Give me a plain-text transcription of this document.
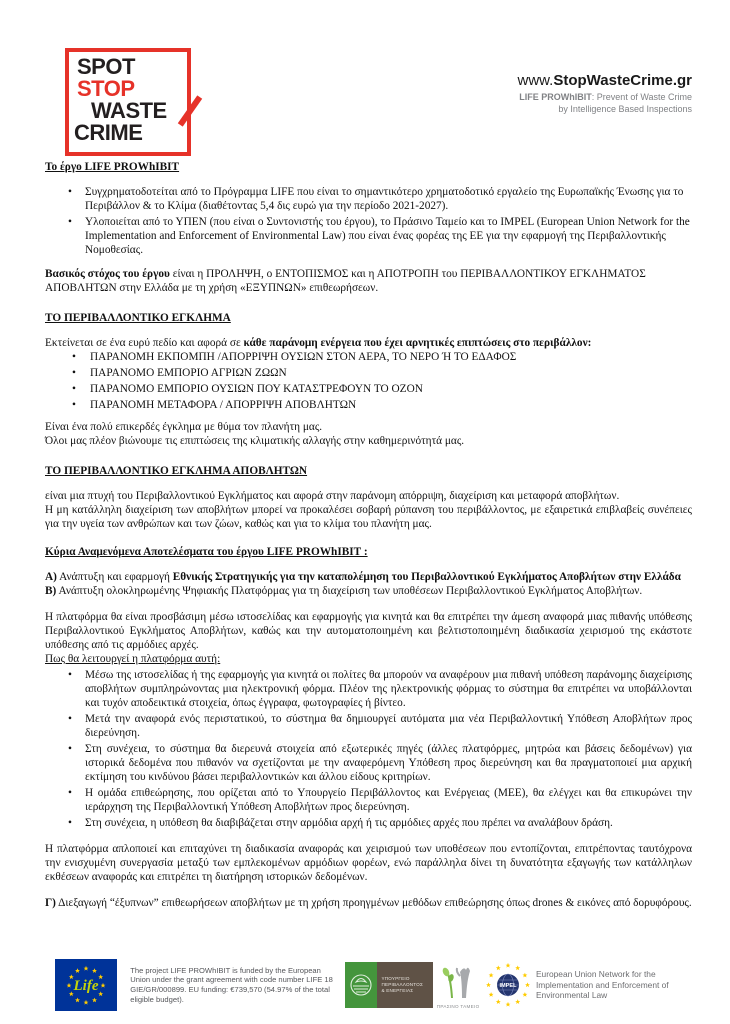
SPOT
STOP
WASTE
CRIME
www.StopWasteCrime.gr
LIFE PROWhIBIT: Prevent of Waste Crime
by Intelligence Based Inspections
Το έργο LIFE PROWhIBIT
• Συγχρηματοδοτείται από το Πρόγραμμα LIFE που είναι το σημαντικότερο χρηματοδοτικό εργαλείο της Ευρωπαϊκής Ένωσης για το Περιβάλλον & το Κλίμα (διαθέτοντας 5,4 δις ευρώ για την περίοδο 2021-2027).
• Υλοποιείται από το ΥΠΕΝ (που είναι ο Συντονιστής του έργου), το Πράσινο Ταμείο και το IMPEL (European Union Network for the Implementation and Enforcement of Environmental Law) που είναι ένας φορέας της ΕΕ για την εφαρμογή της Περιβαλλοντικής Νομοθεσίας.

Βασικός στόχος του έργου είναι η ΠΡΟΛΗΨΗ, ο ΕΝΤΟΠΙΣΜΟΣ και η ΑΠΟΤΡΟΠΗ του ΠΕΡΙΒΑΛΛΟΝΤΙΚΟΥ ΕΓΚΛΗΜΑΤΟΣ ΑΠΟΒΛΗΤΩΝ στην Ελλάδα με τη χρήση «ΕΞΥΠΝΩΝ» επιθεωρήσεων.

ΤΟ ΠΕΡΙΒΑΛΛΟΝΤΙΚΟ ΕΓΚΛΗΜΑ

Εκτείνεται σε ένα ευρύ πεδίο και αφορά σε κάθε παράνομη ενέργεια που έχει αρνητικές επιπτώσεις στο περιβάλλον:

• ΠΑΡΑΝΟΜΗ ΕΚΠΟΜΠΗ /ΑΠΟΡΡΙΨΗ ΟΥΣΙΩΝ ΣΤΟΝ ΑΕΡΑ, ΤΟ ΝΕΡΟ Ή ΤΟ ΕΔΑΦΟΣ
• ΠΑΡΑΝΟΜΟ ΕΜΠΟΡΙΟ ΑΓΡΙΩΝ ΖΩΩΝ
• ΠΑΡΑΝΟΜΟ ΕΜΠΟΡΙΟ ΟΥΣΙΩΝ ΠΟΥ ΚΑΤΑΣΤΡΕΦΟΥΝ ΤΟ ΟΖΟΝ
• ΠΑΡΑΝΟΜΗ ΜΕΤΑΦΟΡΑ / ΑΠΟΡΡΙΨΗ ΑΠΟΒΛΗΤΩΝ

Είναι ένα πολύ επικερδές έγκλημα με θύμα τον πλανήτη μας.

Όλοι μας πλέον βιώνουμε τις επιπτώσεις της κλιματικής αλλαγής στην καθημερινότητά μας.

ΤΟ ΠΕΡΙΒΑΛΛΟΝΤΙΚΟ ΕΓΚΛΗΜΑ ΑΠΟΒΛΗΤΩΝ

είναι μια πτυχή του Περιβαλλοντικού Εγκλήματος και αφορά στην παράνομη απόρριψη, διαχείριση και μεταφορά αποβλήτων.

Η μη κατάλληλη διαχείριση των αποβλήτων μπορεί να προκαλέσει σοβαρή ρύπανση του περιβάλλοντος, με εξαιρετικά επιβλαβείς συνέπειες για την υγεία των ανθρώπων και των ζώων, καθώς και για το κλίμα του πλανήτη μας.

Κύρια Αναμενόμενα Αποτελέσματα του έργου LIFE PROWhIBIT :

Α) Ανάπτυξη και εφαρμογή Εθνικής Στρατηγικής για την καταπολέμηση του Περιβαλλοντικού Εγκλήματος Αποβλήτων στην Ελλάδα

Β) Ανάπτυξη ολοκληρωμένης Ψηφιακής Πλατφόρμας για τη διαχείριση των υποθέσεων Περιβαλλοντικού Εγκλήματος Αποβλήτων.

Η πλατφόρμα θα είναι προσβάσιμη μέσω ιστοσελίδας και εφαρμογής για κινητά και θα επιτρέπει την άμεση αναφορά μιας πιθανής υπόθεσης Περιβαλλοντικού Εγκλήματος Αποβλήτων, καθώς και την αυτοματοποιημένη και βελτιστοποιημένη διαδικασία χειρισμού της εκάστοτε υπόθεσης από τις αρμόδιες αρχές.

Πως θα λειτουργεί η πλατφόρμα αυτή:
• Μέσω της ιστοσελίδας ή της εφαρμογής για κινητά οι πολίτες θα μπορούν να αναφέρουν μια πιθανή υπόθεση παράνομης διαχείρισης αποβλήτων συμπληρώνοντας μια ηλεκτρονική φόρμα. Πλέον της ηλεκτρονικής φόρμας το σύστημα θα επιτρέπει να υποβάλλονται και τυχόν αποδεικτικά στοιχεία, όπως έγγραφα, φωτογραφίες ή βίντεο.
• Μετά την αναφορά ενός περιστατικού, το σύστημα θα δημιουργεί αυτόματα μια νέα Περιβαλλοντική Υπόθεση Αποβλήτων προς διερεύνηση.
• Στη συνέχεια, το σύστημα θα διερευνά στοιχεία από εξωτερικές πηγές (άλλες πλατφόρμες, μητρώα και βάσεις δεδομένων) για ιστορικά δεδομένα που πιθανόν να σχετίζονται με την αναφερόμενη Υπόθεση προς διερεύνηση και θα πραγματοποιεί μια αρχική εκτίμηση του κινδύνου βάσει περιβαλλοντικών και άλλου είδους κριτηρίων.
• Η ομάδα επιθεώρησης, που ορίζεται από το Υπουργείο Περιβάλλοντος και Ενέργειας (ΜΕΕ), θα ελέγχει και θα επικυρώνει την ιεράρχηση της Περιβαλλοντική Υπόθεση Αποβλήτων προς διερεύνηση.
• Στη συνέχεια, η υπόθεση θα διαβιβάζεται στην αρμόδια αρχή ή τις αρμόδιες αρχές που πρέπει να αναλάβουν δράση.

Η πλατφόρμα απλοποιεί και επιταχύνει τη διαδικασία αναφοράς και χειρισμού των υποθέσεων που εντοπίζονται, επιτρέποντας ταυτόχρονα την ενισχυμένη συνεργασία μεταξύ των εμπλεκομένων αρμόδιων φορέων, ενώ παράλληλα δίνει τη δυνατότητα εξαγωγής των κατάλληλων εκθέσεων αναφοράς και επιτρέπει τη διατήρηση ιστορικών δεδομένων.

Γ) Διεξαγωγή “έξυπνων” επιθεωρήσεων αποβλήτων με τη χρήση προηγμένων μεθόδων επιθεώρησης όπως drones & εικόνες από δορυφόρους.

Life
The project LIFE PROWhIBIT is funded by the European Union under the grant agreement with code number LIFE 18 GIE/GR/000899. EU funding: €739,570 (54.97% of the total eligible budget).
ΥΠΟΥΡΓΕΙΟ
ΠΕΡΙΒΑΛΛΟΝΤΟΣ
& ΕΝΕΡΓΕΙΑΣ
ΠΡΑΣΙΝΟ ΤΑΜΕΙΟ
IMPEL
European Union Network for the Implementation and Enforcement of Environmental Law
